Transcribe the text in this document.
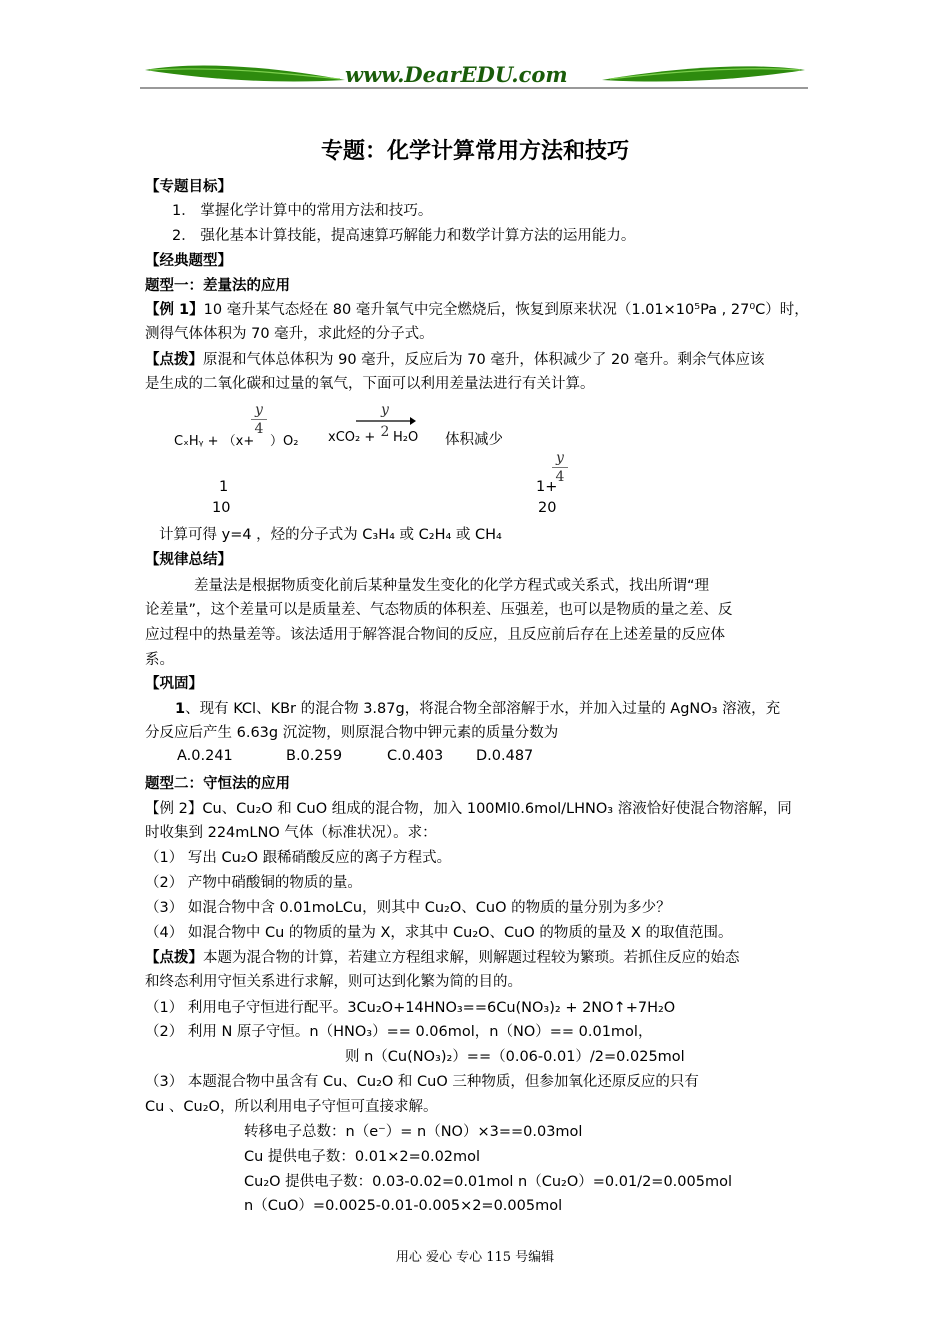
www.DearEDU.com
专题：化学计算常用方法和技巧
【专题目标】
1． 掌握化学计算中的常用方法和技巧。
2． 强化基本计算技能，提高速算巧解能力和数学计算方法的运用能力。
【经典题型】
题型一：差量法的应用
【例 1】10 毫升某气态烃在 80 毫升氧气中完全燃烧后，恢复到原来状况（1.01×10⁵Pa , 27⁰C）时，
测得气体体积为 70 毫升，求此烃的分子式。
【点拨】原混和气体总体积为 90 毫升，反应后为 70 毫升，体积减少了 20 毫升。剩余气体应该
是生成的二氧化碳和过量的氧气，下面可以利用差量法进行有关计算。
y
4
y
2
CₓHᵧ + （x+ ）O₂ xCO₂ + H₂O 体积减少
y
4
1	1+
10	20
计算可得 y=4 ，烃的分子式为 C₃H₄ 或 C₂H₄ 或 CH₄
【规律总结】
差量法是根据物质变化前后某种量发生变化的化学方程式或关系式，找出所谓“理
论差量”，这个差量可以是质量差、气态物质的体积差、压强差，也可以是物质的量之差、反
应过程中的热量差等。该法适用于解答混合物间的反应，且反应前后存在上述差量的反应体
系。
【巩固】
1、现有 KCl、KBr 的混合物 3.87g，将混合物全部溶解于水，并加入过量的 AgNO₃ 溶液，充
分反应后产生 6.63g 沉淀物，则原混合物中钾元素的质量分数为
A.0.241	B.0.259	C.0.403 D.0.487
题型二：守恒法的应用
【例 2】Cu、Cu₂O 和 CuO 组成的混合物，加入 100Ml0.6mol/LHNO₃ 溶液恰好使混合物溶解，同
时收集到 224mLNO 气体（标准状况）。求：
（1） 写出 Cu₂O 跟稀硝酸反应的离子方程式。
（2） 产物中硝酸铜的物质的量。
（3） 如混合物中含 0.01moLCu，则其中 Cu₂O、CuO 的物质的量分别为多少？
（4） 如混合物中 Cu 的物质的量为 X，求其中 Cu₂O、CuO 的物质的量及 X 的取值范围。
【点拨】本题为混合物的计算，若建立方程组求解，则解题过程较为繁琐。若抓住反应的始态
和终态利用守恒关系进行求解，则可达到化繁为简的目的。
（1） 利用电子守恒进行配平。3Cu₂O+14HNO₃==6Cu(NO₃)₂ + 2NO↑+7H₂O
（2） 利用 N 原子守恒。n（HNO₃）== 0.06mol，n（NO）== 0.01mol，
则 n（Cu(NO₃)₂）==（0.06-0.01）/2=0.025mol
（3） 本题混合物中虽含有 Cu、Cu₂O 和 CuO 三种物质，但参加氧化还原反应的只有
Cu 、Cu₂O，所以利用电子守恒可直接求解。
转移电子总数：n（e⁻）= n（NO）×3==0.03mol
Cu 提供电子数：0.01×2=0.02mol
Cu₂O 提供电子数：0.03-0.02=0.01mol n（Cu₂O）=0.01/2=0.005mol
n（CuO）=0.0025-0.01-0.005×2=0.005mol
用心 爱心 专心 115 号编辑
